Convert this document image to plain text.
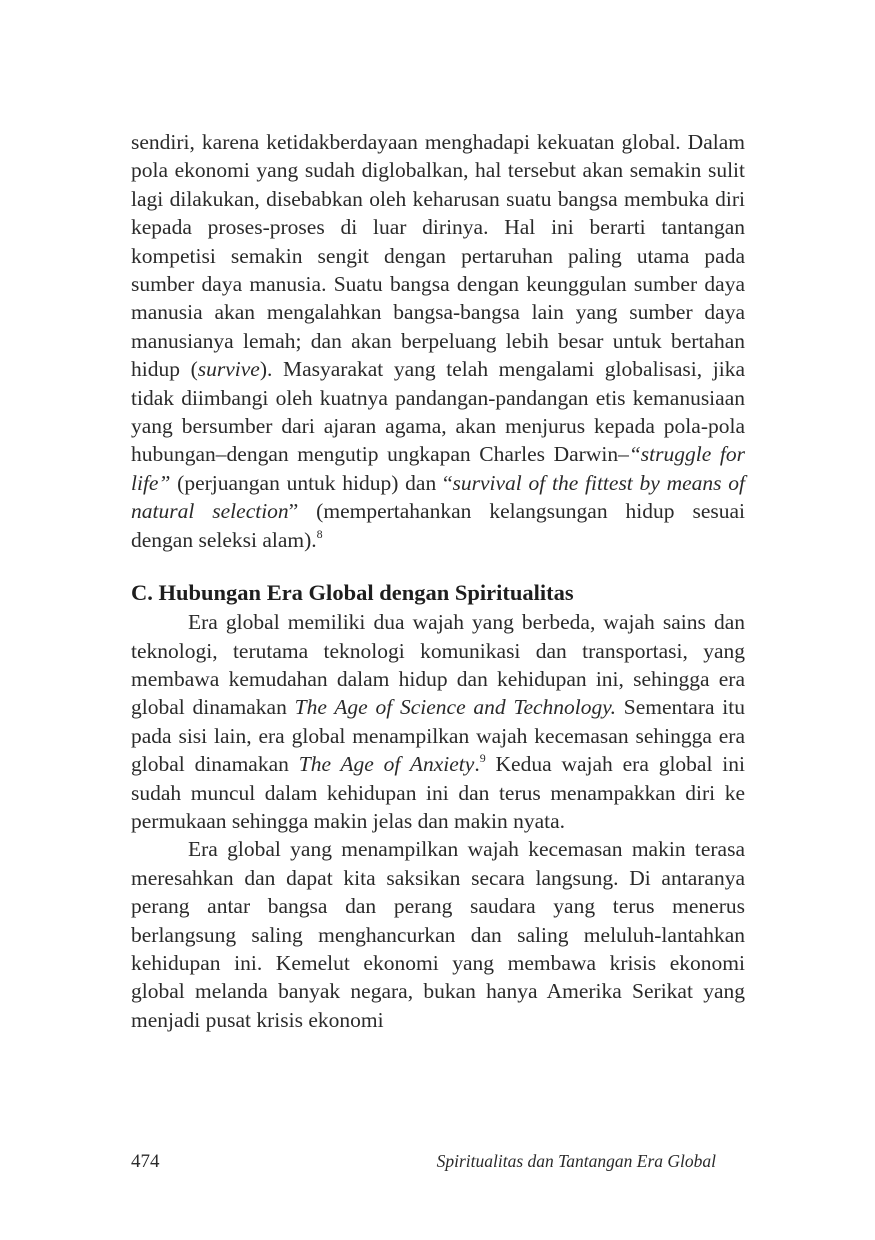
sendiri, karena ketidakberdayaan menghadapi kekuatan global. Dalam pola ekonomi yang sudah diglobalkan, hal tersebut akan semakin sulit lagi dilakukan, disebabkan oleh keharusan suatu bangsa membuka diri kepada proses-proses di luar dirinya. Hal ini berarti tantangan kompetisi semakin sengit dengan pertaruhan paling utama pada sumber daya manusia. Suatu bangsa dengan keunggulan sumber daya manusia akan mengalahkan bangsa-bangsa lain yang sumber daya manusianya lemah; dan akan berpeluang lebih besar untuk bertahan hidup (survive). Masyarakat yang telah mengalami globalisasi, jika tidak diimbangi oleh kuatnya pandangan-pandangan etis kemanusiaan yang bersumber dari ajaran agama, akan menjurus kepada pola-pola hubungan–dengan mengutip ungkapan Charles Darwin–“struggle for life” (perjuangan untuk hidup) dan “survival of the fittest by means of natural selection” (mempertahankan kelangsungan hidup sesuai dengan seleksi alam).$^8$

C. Hubungan Era Global dengan Spiritualitas

Era global memiliki dua wajah yang berbeda, wajah sains dan teknologi, terutama teknologi komunikasi dan transportasi, yang membawa kemudahan dalam hidup dan kehidupan ini, sehingga era global dinamakan The Age of Science and Technology. Sementara itu pada sisi lain, era global menampilkan wajah kecemasan sehingga era global dinamakan The Age of Anxiety.$^9$ Kedua wajah era global ini sudah muncul dalam kehidupan ini dan terus menampakkan diri ke permukaan sehingga makin jelas dan makin nyata.

Era global yang menampilkan wajah kecemasan makin terasa meresahkan dan dapat kita saksikan secara langsung. Di antaranya perang antar bangsa dan perang saudara yang terus menerus berlangsung saling menghancurkan dan saling meluluh-lantahkan kehidupan ini. Kemelut ekonomi yang membawa krisis ekonomi global melanda banyak negara, bukan hanya Amerika Serikat yang menjadi pusat krisis ekonomi

474	Spiritualitas dan Tantangan Era Global
